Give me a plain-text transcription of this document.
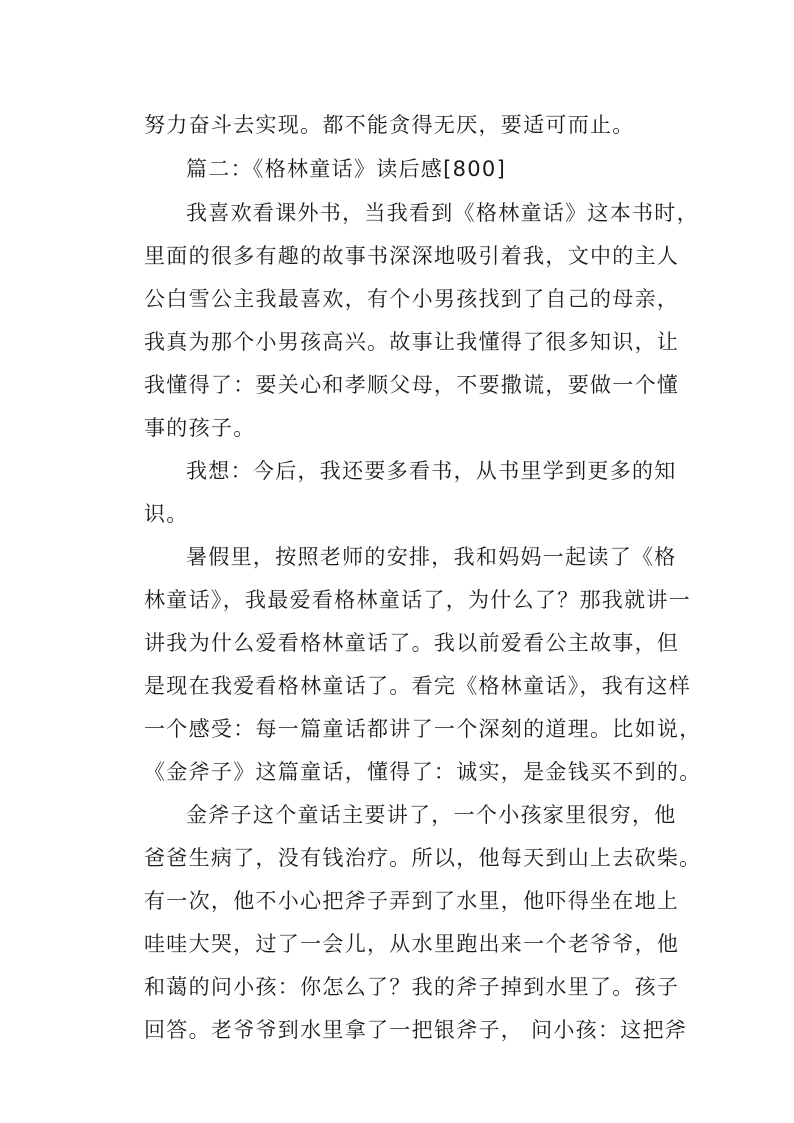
努力奋斗去实现。都不能贪得无厌，要适可而止。
篇二：《格林童话》读后感[800]
我喜欢看课外书，当我看到《格林童话》这本书时，
里面的很多有趣的故事书深深地吸引着我，文中的主人
公白雪公主我最喜欢，有个小男孩找到了自己的母亲，
我真为那个小男孩高兴。故事让我懂得了很多知识，让
我懂得了：要关心和孝顺父母，不要撒谎，要做一个懂
事的孩子。
我想：今后，我还要多看书，从书里学到更多的知
识。
暑假里，按照老师的安排，我和妈妈一起读了《格
林童话》，我最爱看格林童话了，为什么了？那我就讲一
讲我为什么爱看格林童话了。我以前爱看公主故事，但
是现在我爱看格林童话了。看完《格林童话》，我有这样
一个感受：每一篇童话都讲了一个深刻的道理。比如说，
《金斧子》这篇童话，懂得了：诚实，是金钱买不到的。
金斧子这个童话主要讲了，一个小孩家里很穷，他
爸爸生病了，没有钱治疗。所以，他每天到山上去砍柴。
有一次，他不小心把斧子弄到了水里，他吓得坐在地上
哇哇大哭，过了一会儿，从水里跑出来一个老爷爷，他
和蔼的问小孩：你怎么了？我的斧子掉到水里了。孩子
回答。老爷爷到水里拿了一把银斧子， 问小孩：这把斧
